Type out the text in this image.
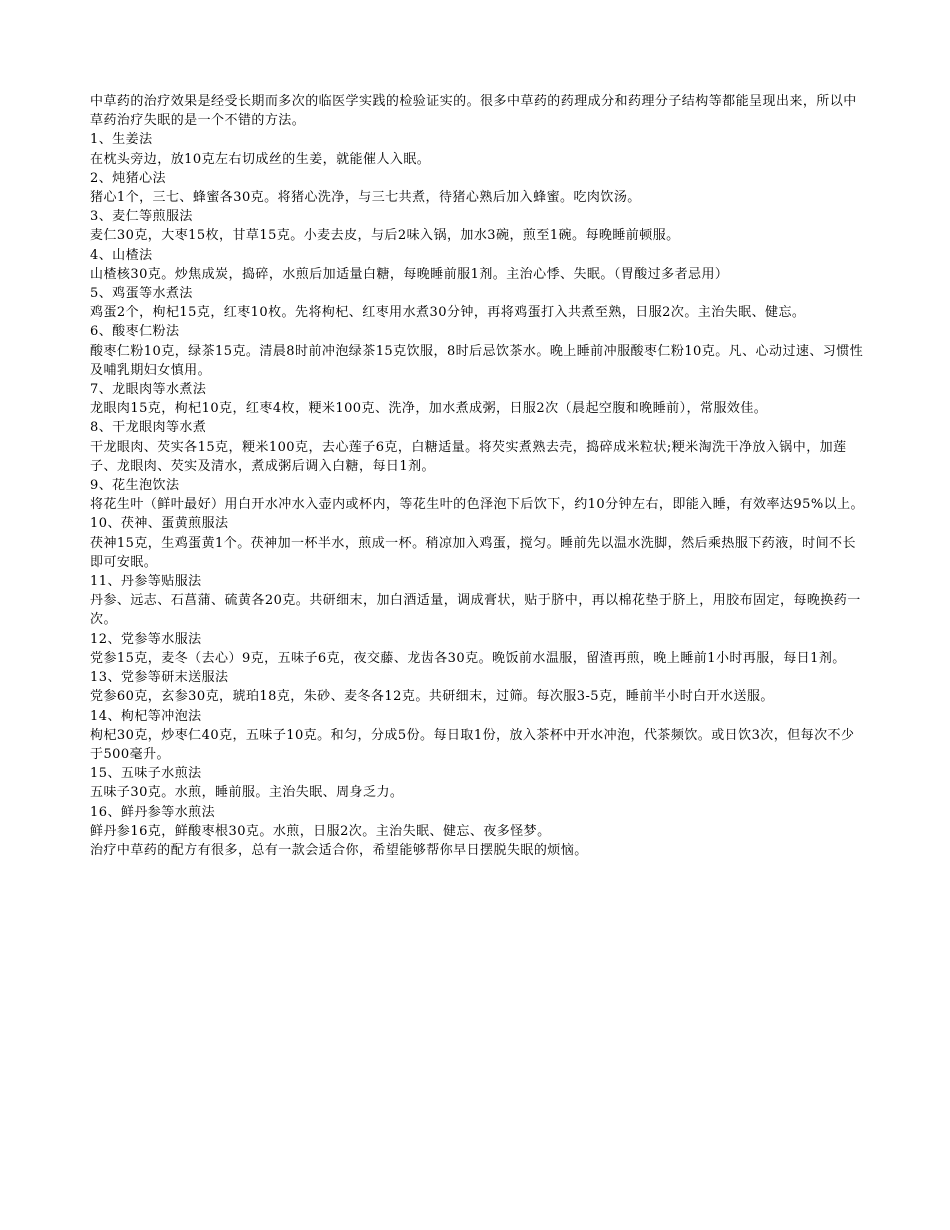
中草药的治疗效果是经受长期而多次的临医学实践的检验证实的。很多中草药的药理成分和药理分子结构等都能呈现出来，所以中草药治疗失眠的是一个不错的方法。

1、生姜法

在枕头旁边，放10克左右切成丝的生姜，就能催人入眠。

2、炖猪心法

猪心1个，三七、蜂蜜各30克。将猪心洗净，与三七共煮，待猪心熟后加入蜂蜜。吃肉饮汤。

3、麦仁等煎服法

麦仁30克，大枣15枚，甘草15克。小麦去皮，与后2味入锅，加水3碗，煎至1碗。每晚睡前顿服。

4、山楂法

山楂核30克。炒焦成炭，捣碎，水煎后加适量白糖，每晚睡前服1剂。主治心悸、失眠。（胃酸过多者忌用）

5、鸡蛋等水煮法

鸡蛋2个，枸杞15克，红枣10枚。先将枸杞、红枣用水煮30分钟，再将鸡蛋打入共煮至熟，日服2次。主治失眠、健忘。

6、酸枣仁粉法

酸枣仁粉10克，绿茶15克。清晨8时前冲泡绿茶15克饮服，8时后忌饮茶水。晚上睡前冲服酸枣仁粉10克。凡、心动过速、习惯性及哺乳期妇女慎用。

7、龙眼肉等水煮法

龙眼肉15克，枸杞10克，红枣4枚，粳米100克、洗净，加水煮成粥，日服2次（晨起空腹和晚睡前），常服效佳。

8、干龙眼肉等水煮

干龙眼肉、芡实各15克，粳米100克，去心莲子6克，白糖适量。将芡实煮熟去壳，捣碎成米粒状;粳米淘洗干净放入锅中，加莲子、龙眼肉、芡实及清水，煮成粥后调入白糖，每日1剂。

9、花生泡饮法

将花生叶（鲜叶最好）用白开水冲水入壶内或杯内，等花生叶的色泽泡下后饮下，约10分钟左右，即能入睡，有效率达95%以上。

10、茯神、蛋黄煎服法

茯神15克，生鸡蛋黄1个。茯神加一杯半水，煎成一杯。稍凉加入鸡蛋，搅匀。睡前先以温水洗脚，然后乘热服下药液，时间不长即可安眠。

11、丹参等贴服法

丹参、远志、石菖蒲、硫黄各20克。共研细末，加白酒适量，调成膏状，贴于脐中，再以棉花垫于脐上，用胶布固定，每晚换药一次。

12、党参等水服法

党参15克，麦冬（去心）9克，五味子6克，夜交藤、龙齿各30克。晚饭前水温服，留渣再煎，晚上睡前1小时再服，每日1剂。

13、党参等研末送服法

党参60克，玄参30克，琥珀18克，朱砂、麦冬各12克。共研细末，过筛。每次服3-5克，睡前半小时白开水送服。

14、枸杞等冲泡法

枸杞30克，炒枣仁40克，五味子10克。和匀，分成5份。每日取1份，放入茶杯中开水冲泡，代茶频饮。或日饮3次，但每次不少于500毫升。

15、五味子水煎法

五味子30克。水煎，睡前服。主治失眠、周身乏力。

16、鲜丹参等水煎法

鲜丹参16克，鲜酸枣根30克。水煎，日服2次。主治失眠、健忘、夜多怪梦。

治疗中草药的配方有很多，总有一款会适合你，希望能够帮你早日摆脱失眠的烦恼。
